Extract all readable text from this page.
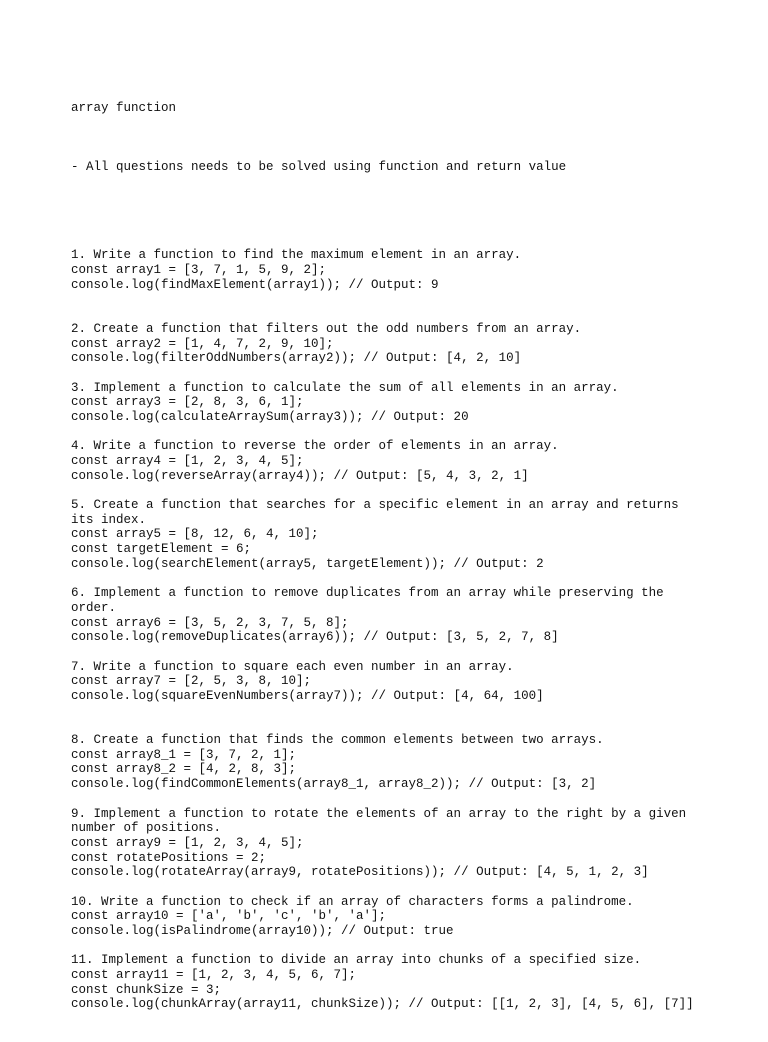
array function

- All questions needs to be solved using function and return value

1. Write a function to find the maximum element in an array.
const array1 = [3, 7, 1, 5, 9, 2];
console.log(findMaxElement(array1)); // Output: 9
2. Create a function that filters out the odd numbers from an array.
const array2 = [1, 4, 7, 2, 9, 10];
console.log(filterOddNumbers(array2)); // Output: [4, 2, 10]
3. Implement a function to calculate the sum of all elements in an array.
const array3 = [2, 8, 3, 6, 1];
console.log(calculateArraySum(array3)); // Output: 20
4. Write a function to reverse the order of elements in an array.
const array4 = [1, 2, 3, 4, 5];
console.log(reverseArray(array4)); // Output: [5, 4, 3, 2, 1]
5. Create a function that searches for a specific element in an array and returns
its index.
const array5 = [8, 12, 6, 4, 10];
const targetElement = 6;
console.log(searchElement(array5, targetElement)); // Output: 2
6. Implement a function to remove duplicates from an array while preserving the
order.
const array6 = [3, 5, 2, 3, 7, 5, 8];
console.log(removeDuplicates(array6)); // Output: [3, 5, 2, 7, 8]
7. Write a function to square each even number in an array.
const array7 = [2, 5, 3, 8, 10];
console.log(squareEvenNumbers(array7)); // Output: [4, 64, 100]
8. Create a function that finds the common elements between two arrays.
const array8_1 = [3, 7, 2, 1];
const array8_2 = [4, 2, 8, 3];
console.log(findCommonElements(array8_1, array8_2)); // Output: [3, 2]
9. Implement a function to rotate the elements of an array to the right by a given
number of positions.
const array9 = [1, 2, 3, 4, 5];
const rotatePositions = 2;
console.log(rotateArray(array9, rotatePositions)); // Output: [4, 5, 1, 2, 3]
10. Write a function to check if an array of characters forms a palindrome.
const array10 = ['a', 'b', 'c', 'b', 'a'];
console.log(isPalindrome(array10)); // Output: true
11. Implement a function to divide an array into chunks of a specified size.
const array11 = [1, 2, 3, 4, 5, 6, 7];
const chunkSize = 3;
console.log(chunkArray(array11, chunkSize)); // Output: [[1, 2, 3], [4, 5, 6], [7]]
